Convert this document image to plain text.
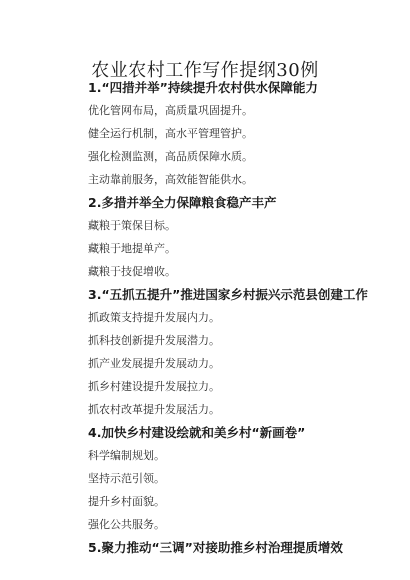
农业农村工作写作提纲30例
1.“四措并举”持续提升农村供水保障能力
优化管网布局，高质量巩固提升。
健全运行机制，高水平管理管护。
强化检测监测，高品质保障水质。
主动靠前服务，高效能智能供水。
2.多措并举全力保障粮食稳产丰产
藏粮于策保目标。
藏粮于地提单产。
藏粮于技促增收。
3.“五抓五提升”推进国家乡村振兴示范县创建工作
抓政策支持提升发展内力。
抓科技创新提升发展潜力。
抓产业发展提升发展动力。
抓乡村建设提升发展拉力。
抓农村改革提升发展活力。
4.加快乡村建设绘就和美乡村“新画卷”
科学编制规划。
坚持示范引领。
提升乡村面貌。
强化公共服务。
5.聚力推动“三调”对接助推乡村治理提质增效
